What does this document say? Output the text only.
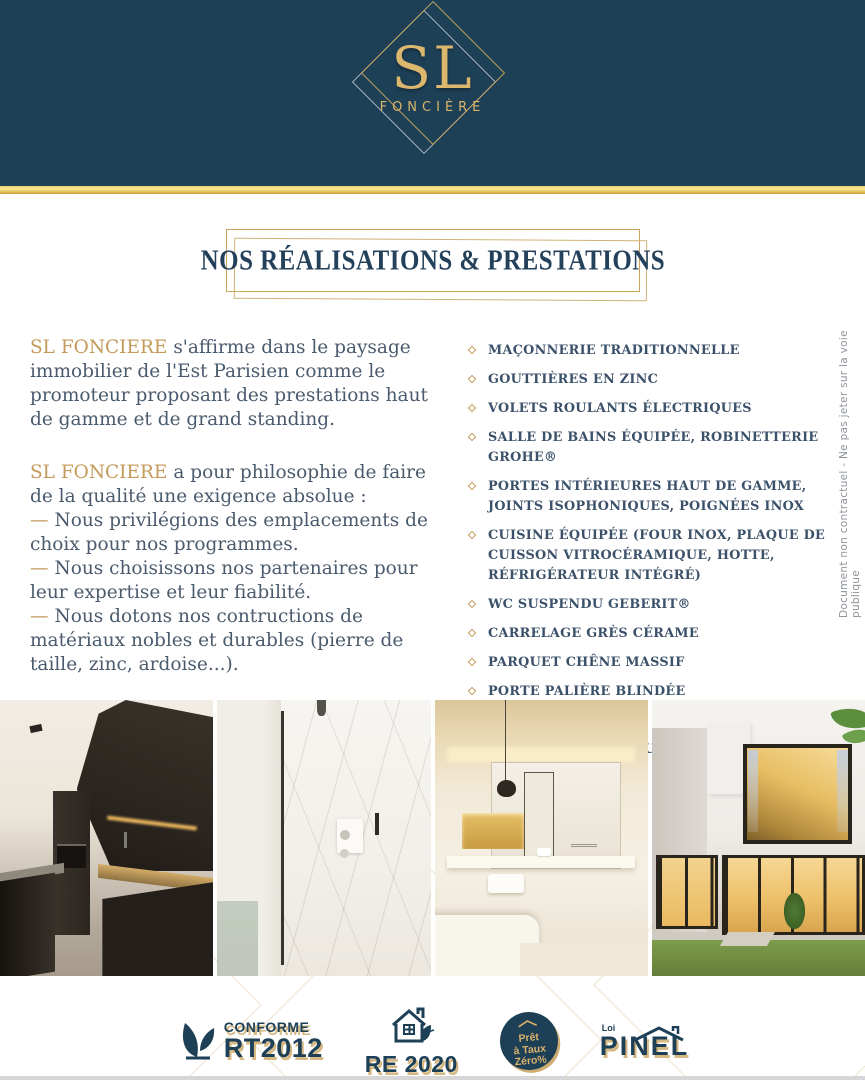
SL
FONCIÈRE
NOS RÉALISATIONS & PRESTATIONS

SL FONCIERE s'affirme dans le paysage immobilier de l'Est Parisien comme le promoteur proposant des prestations haut de gamme et de grand standing.

SL FONCIERE a pour philosophie de faire de la qualité une exigence absolue :

— Nous privilégions des emplacements de choix pour nos programmes.
— Nous choisissons nos partenaires pour leur expertise et leur fiabilité.
— Nous dotons nos contructions de matériaux nobles et durables (pierre de taille, zinc, ardoise...).
MAÇONNERIE TRADITIONNELLE
GOUTTIÈRES EN ZINC
VOLETS ROULANTS ÉLECTRIQUES
SALLE DE BAINS ÉQUIPÉE, ROBINETTERIE GROHE®
PORTES INTÉRIEURES HAUT DE GAMME, JOINTS ISOPHONIQUES, POIGNÉES INOX
CUISINE ÉQUIPÉE (FOUR INOX, PLAQUE DE CUISSON VITROCÉRAMIQUE, HOTTE, RÉFRIGÉRATEUR INTÉGRÉ)
WC SUSPENDU GEBERIT®
CARRELAGE GRÈS CÉRAME
PARQUET CHÊNE MASSIF
PORTE PALIÈRE BLINDÉE
Document non contractuel - Ne pas jeter sur la voie publique
CONFORME
RT2012
RE 2020
Prêt
à Taux
Zéro%
Loi
PINEL
